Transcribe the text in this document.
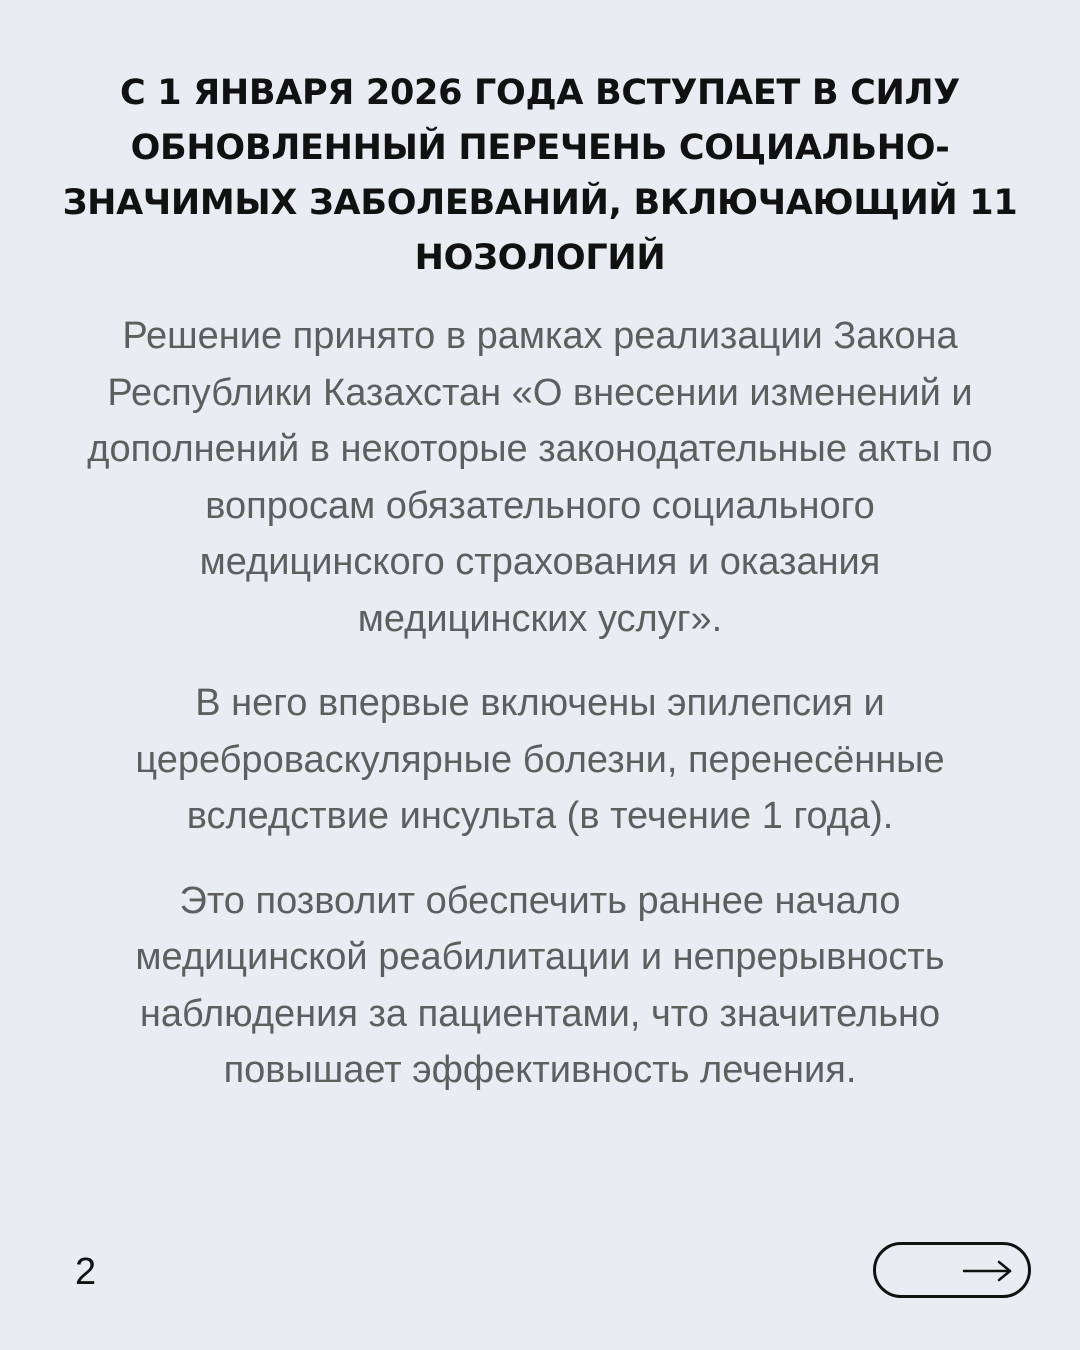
С 1 ЯНВАРЯ 2026 ГОДА ВСТУПАЕТ В СИЛУ ОБНОВЛЕННЫЙ ПЕРЕЧЕНЬ СОЦИАЛЬНО-ЗНАЧИМЫХ ЗАБОЛЕВАНИЙ, ВКЛЮЧАЮЩИЙ 11 НОЗОЛОГИЙ

Решение принято в рамках реализации Закона Республики Казахстан «О внесении изменений и дополнений в некоторые законодательные акты по вопросам обязательного социального медицинского страхования и оказания медицинских услуг».

В него впервые включены эпилепсия и цереброваскулярные болезни, перенесённые вследствие инсульта (в течение 1 года).

Это позволит обеспечить раннее начало медицинской реабилитации и непрерывность наблюдения за пациентами, что значительно повышает эффективность лечения.

2
